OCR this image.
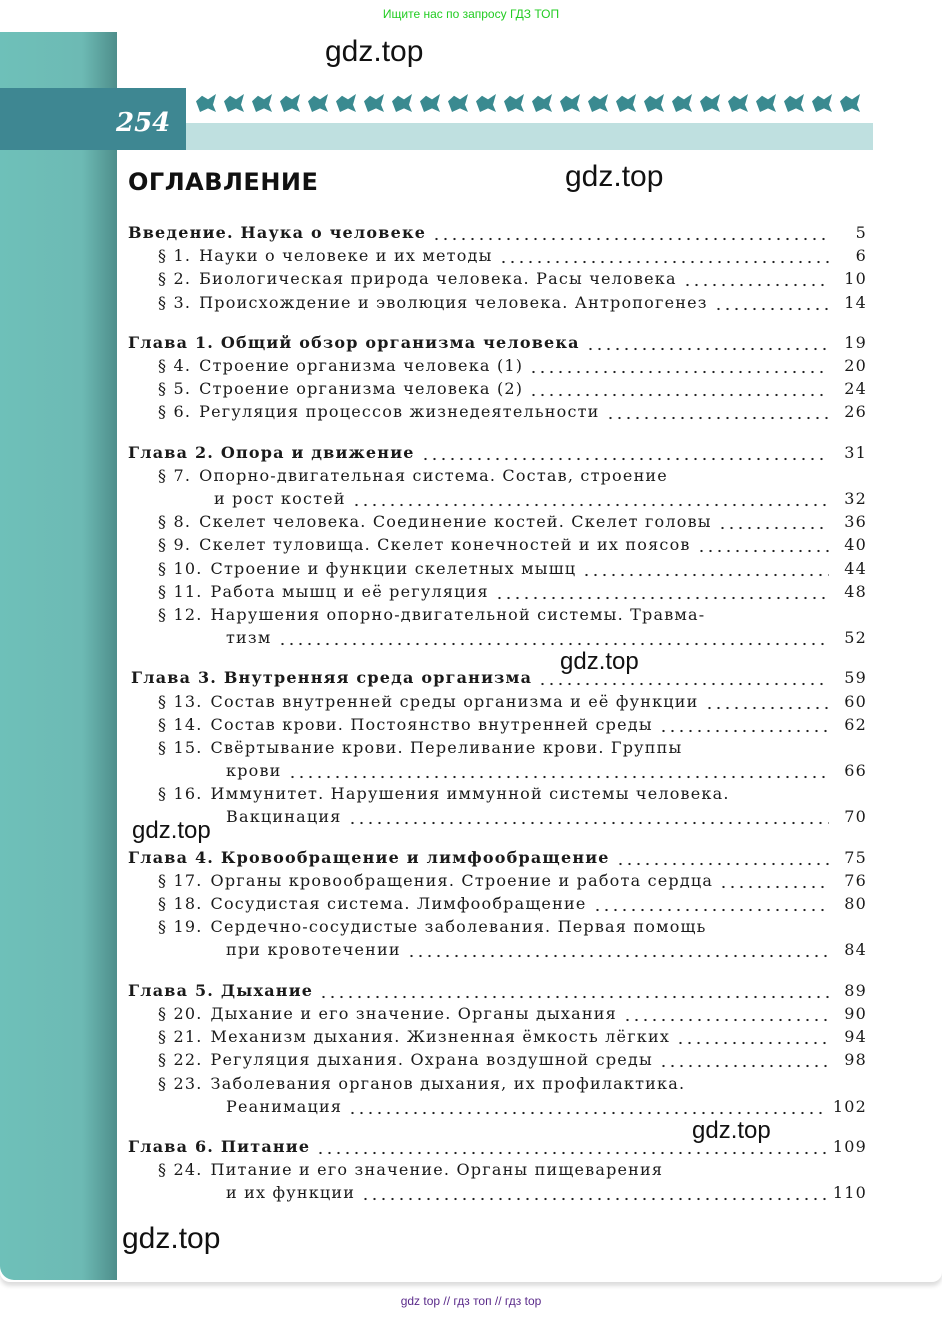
Ищите нас по запросу ГДЗ ТОП
254
ОГЛАВЛЕНИЕ
gdz.top
gdz.top
gdz.top
gdz.top
gdz.top
gdz.top
Введение. Наука о человеке	5
§ 1. Науки о человеке и их методы	6
§ 2. Биологическая природа человека. Расы человека	10
§ 3. Происхождение и эволюция человека. Антропогенез	14
Глава 1. Общий обзор организма человека	19
§ 4. Строение организма человека (1)	20
§ 5. Строение организма человека (2)	24
§ 6. Регуляция процессов жизнедеятельности	26
Глава 2. Опора и движение	31
§ 7. Опорно-двигательная система. Состав, строение
и рост костей	32
§ 8. Скелет человека. Соединение костей. Скелет головы	36
§ 9. Скелет туловища. Скелет конечностей и их поясов	40
§ 10. Строение и функции скелетных мышц	44
§ 11. Работа мышц и её регуляция	48
§ 12. Нарушения опорно-двигательной системы. Травма-
тизм	52
Глава 3. Внутренняя среда организма	59
§ 13. Состав внутренней среды организма и её функции	60
§ 14. Состав крови. Постоянство внутренней среды	62
§ 15. Свёртывание крови. Переливание крови. Группы
крови	66
§ 16. Иммунитет. Нарушения иммунной системы человека.
Вакцинация	70
Глава 4. Кровообращение и лимфообращение	75
§ 17. Органы кровообращения. Строение и работа сердца	76
§ 18. Сосудистая система. Лимфообращение	80
§ 19. Сердечно-сосудистые заболевания. Первая помощь
при кровотечении	84
Глава 5. Дыхание	89
§ 20. Дыхание и его значение. Органы дыхания	90
§ 21. Механизм дыхания. Жизненная ёмкость лёгких	94
§ 22. Регуляция дыхания. Охрана воздушной среды	98
§ 23. Заболевания органов дыхания, их профилактика.
Реанимация	102
Глава 6. Питание	109
§ 24. Питание и его значение. Органы пищеварения
и их функции	110
gdz top // гдз топ // гдз top
